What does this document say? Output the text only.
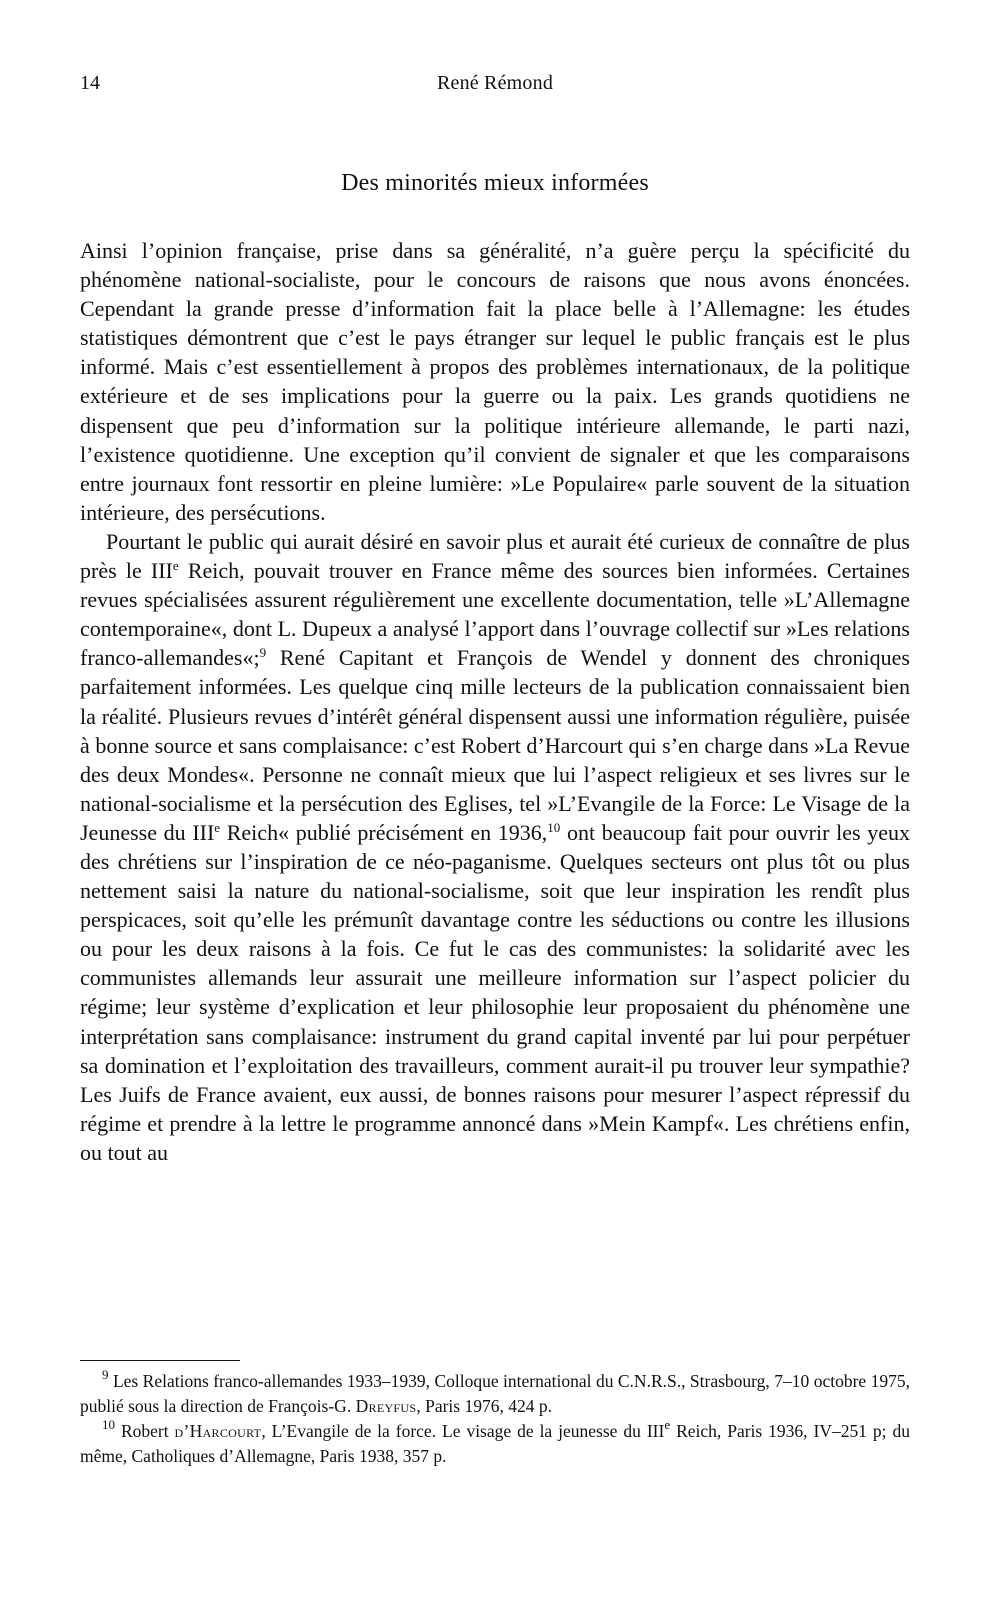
14	René Rémond
Des minorités mieux informées

Ainsi l’opinion française, prise dans sa généralité, n’a guère perçu la spécificité du phénomène national-socialiste, pour le concours de raisons que nous avons énoncées. Cependant la grande presse d’information fait la place belle à l’Allemagne: les études statistiques démontrent que c’est le pays étranger sur lequel le public français est le plus informé. Mais c’est essentiellement à propos des problèmes internationaux, de la politique extérieure et de ses implications pour la guerre ou la paix. Les grands quotidiens ne dispensent que peu d’information sur la politique intérieure allemande, le parti nazi, l’existence quotidienne. Une exception qu’il convient de signaler et que les comparaisons entre journaux font ressortir en pleine lumière: »Le Populaire« parle souvent de la situation intérieure, des persécutions.

Pourtant le public qui aurait désiré en savoir plus et aurait été curieux de connaître de plus près le IIIe Reich, pouvait trouver en France même des sources bien informées. Certaines revues spécialisées assurent régulièrement une excellente documentation, telle »L’Allemagne contemporaine«, dont L. Dupeux a analysé l’apport dans l’ouvrage collectif sur »Les relations franco-allemandes«;$^9$ René Capitant et François de Wendel y donnent des chroniques parfaitement informées. Les quelque cinq mille lecteurs de la publication connaissaient bien la réalité. Plusieurs revues d’intérêt général dispensent aussi une information régulière, puisée à bonne source et sans complaisance: c’est Robert d’Harcourt qui s’en charge dans »La Revue des deux Mondes«. Personne ne connaît mieux que lui l’aspect religieux et ses livres sur le national-socialisme et la persécution des Eglises, tel »L’Evangile de la Force: Le Visage de la Jeunesse du IIIe Reich« publié précisément en 1936,10 ont beaucoup fait pour ouvrir les yeux des chrétiens sur l’inspiration de ce néo-paganisme. Quelques secteurs ont plus tôt ou plus nettement saisi la nature du national-socialisme, soit que leur inspiration les rendît plus perspicaces, soit qu’elle les prémunît davantage contre les séductions ou contre les illusions ou pour les deux raisons à la fois. Ce fut le cas des communistes: la solidarité avec les communistes allemands leur assurait une meilleure information sur l’aspect policier du régime; leur système d’explication et leur philosophie leur proposaient du phénomène une interprétation sans complaisance: instrument du grand capital inventé par lui pour perpétuer sa domination et l’exploitation des travailleurs, comment aurait-il pu trouver leur sympathie? Les Juifs de France avaient, eux aussi, de bonnes raisons pour mesurer l’aspect répressif du régime et prendre à la lettre le programme annoncé dans »Mein Kampf«. Les chrétiens enfin, ou tout au

$^9$ Les Relations franco-allemandes 1933–1939, Colloque international du C.N.R.S., Strasbourg, 7–10 octobre 1975, publié sous la direction de François-G. Dreyfus, Paris 1976, 424 p.

$^{10}$ Robert d’Harcourt, L’Evangile de la force. Le visage de la jeunesse du IIIe Reich, Paris 1936, IV–251 p; du même, Catholiques d’Allemagne, Paris 1938, 357 p.
